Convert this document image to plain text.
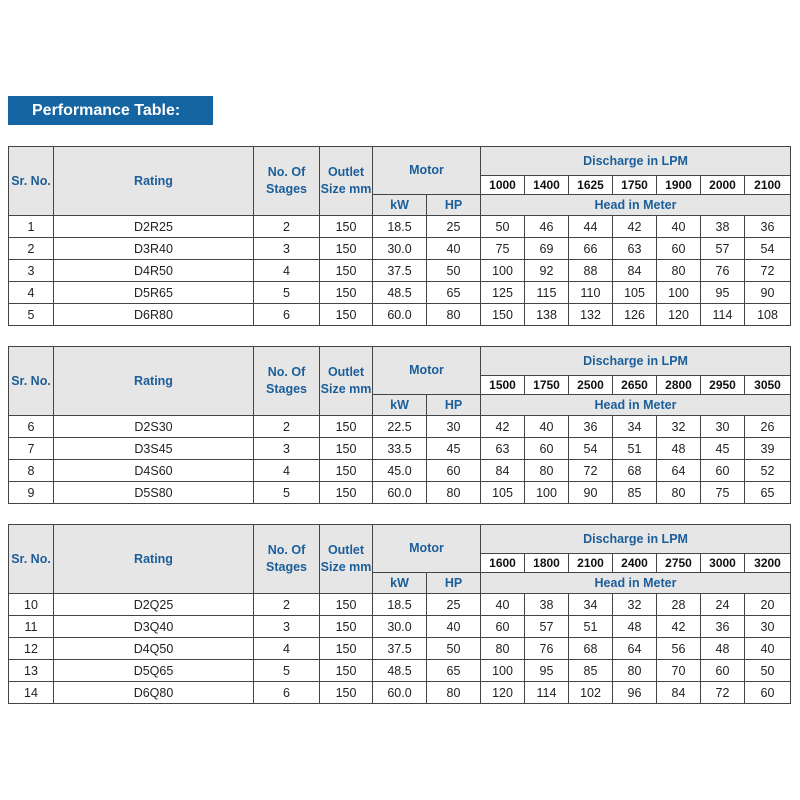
Performance Table:
Sr. No.	Rating	No. Of Stages	Outlet Size mm	Motor		Discharge in LPM						
						1000	1400	1625	1750	1900	2000	2100
				kW	HP	Head in Meter						
1	D2R25	2	150	18.5	25	50	46	44	42	40	38	36
2	D3R40	3	150	30.0	40	75	69	66	63	60	57	54
3	D4R50	4	150	37.5	50	100	92	88	84	80	76	72
4	D5R65	5	150	48.5	65	125	115	110	105	100	95	90
5	D6R80	6	150	60.0	80	150	138	132	126	120	114	108
Sr. No.	Rating	No. Of Stages	Outlet Size mm	Motor		Discharge in LPM						
						1500	1750	2500	2650	2800	2950	3050
				kW	HP	Head in Meter						
6	D2S30	2	150	22.5	30	42	40	36	34	32	30	26
7	D3S45	3	150	33.5	45	63	60	54	51	48	45	39
8	D4S60	4	150	45.0	60	84	80	72	68	64	60	52
9	D5S80	5	150	60.0	80	105	100	90	85	80	75	65
Sr. No.	Rating	No. Of Stages	Outlet Size mm	Motor		Discharge in LPM						
						1600	1800	2100	2400	2750	3000	3200
				kW	HP	Head in Meter						
10	D2Q25	2	150	18.5	25	40	38	34	32	28	24	20
11	D3Q40	3	150	30.0	40	60	57	51	48	42	36	30
12	D4Q50	4	150	37.5	50	80	76	68	64	56	48	40
13	D5Q65	5	150	48.5	65	100	95	85	80	70	60	50
14	D6Q80	6	150	60.0	80	120	114	102	96	84	72	60
